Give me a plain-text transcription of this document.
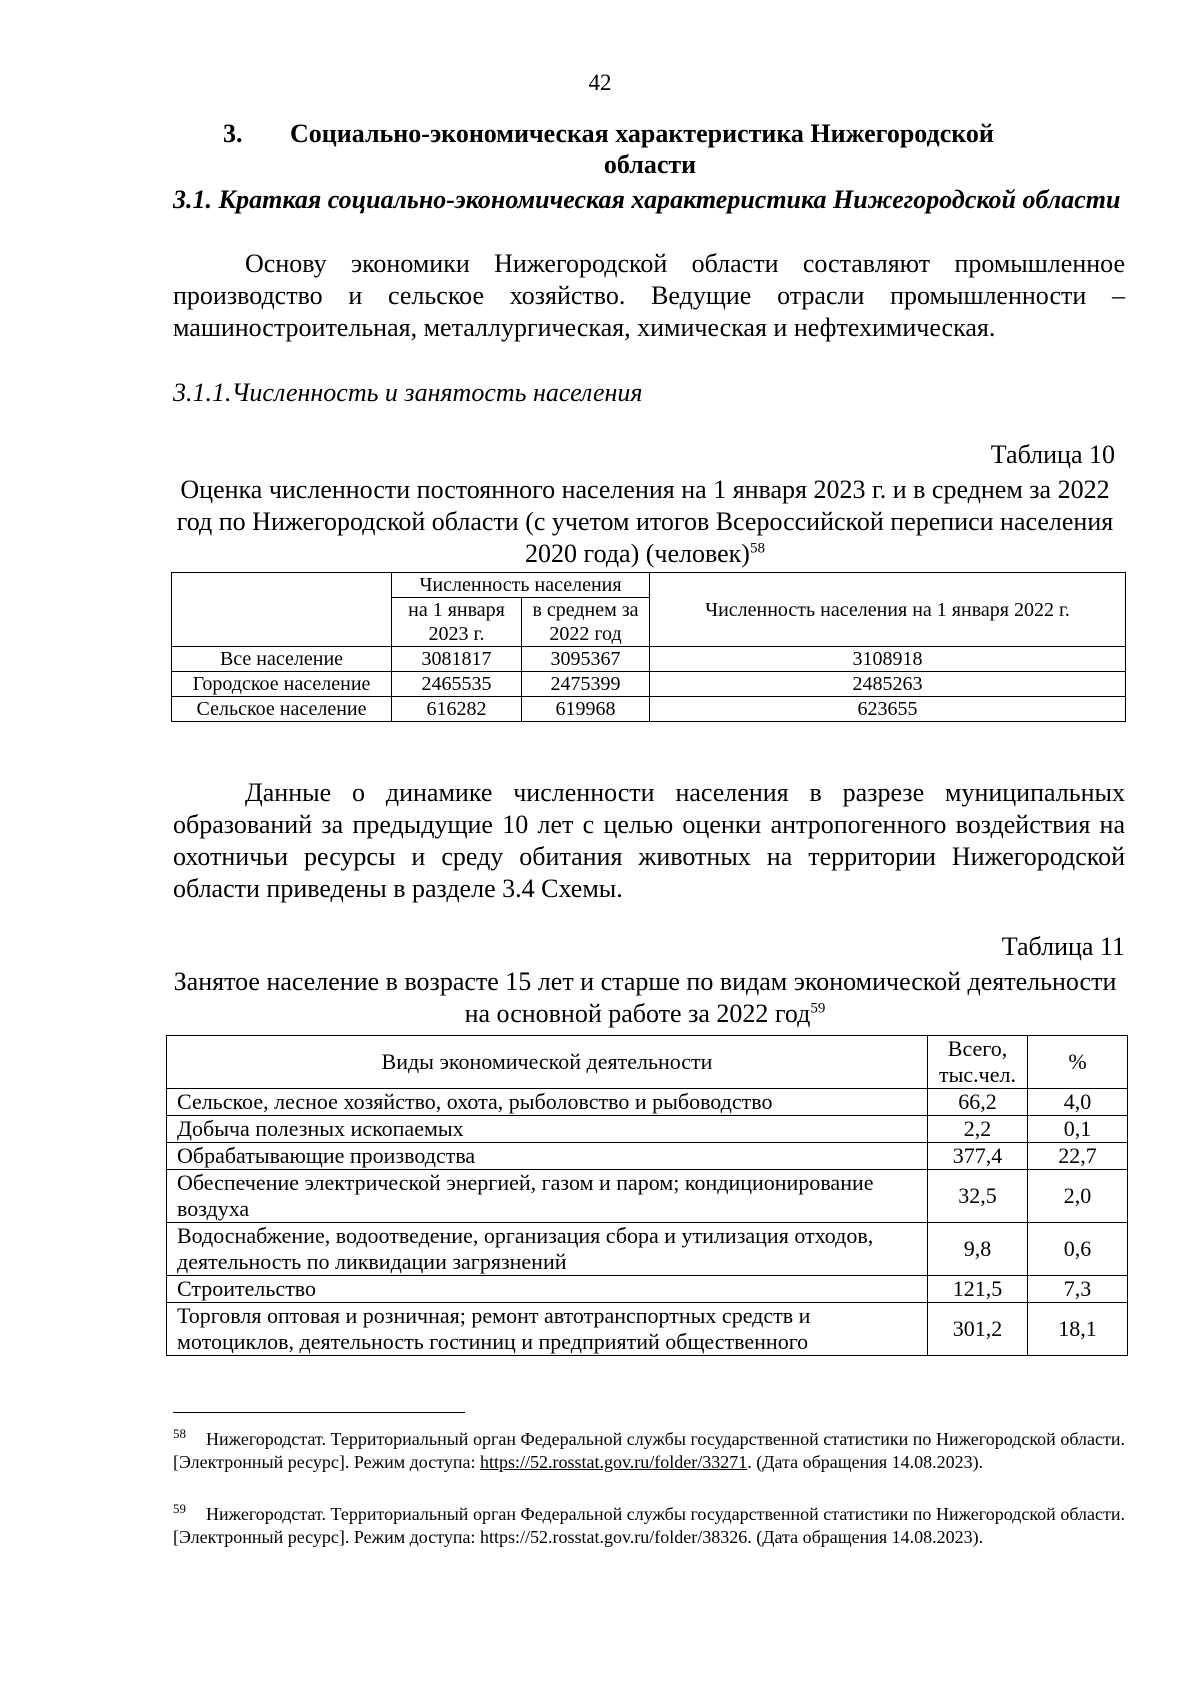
42
3.	Социально-экономическая характеристика Нижегородской
области
3.1. Краткая социально-экономическая характеристика Нижегородской области
Основу экономики Нижегородской области составляют промышленное производство и сельское хозяйство. Ведущие отрасли промышленности – машиностроительная, металлургическая, химическая и нефтехимическая.
3.1.1.Численность и занятость населения
Таблица 10
Оценка численности постоянного населения на 1 января 2023 г. и в среднем за 2022 год по Нижегородской области (с учетом итогов Всероссийской переписи населения 2020 года) (человек)$^{58}$
	Численность населения		Численность населения на 1 января 2022 г.
	на 1 января 2023 г.	в среднем за 2022 год	
Все население	3081817	3095367	3108918
Городское население	2465535	2475399	2485263
Сельское население	616282	619968	623655
Данные о динамике численности населения в разрезе муниципальных образований за предыдущие 10 лет с целью оценки антропогенного воздействия на охотничьи ресурсы и среду обитания животных на территории Нижегородской области приведены в разделе 3.4 Схемы.
Таблица 11
Занятое население в возрасте 15 лет и старше по видам экономической деятельности на основной работе за 2022 год$^{59}$
Виды экономической деятельности	Всего, тыс.чел.	%
Сельское, лесное хозяйство, охота, рыболовство и рыбоводство	66,2	4,0
Добыча полезных ископаемых	2,2	0,1
Обрабатывающие производства	377,4	22,7
Обеспечение электрической энергией, газом и паром; кондиционирование воздуха	32,5	2,0
Водоснабжение, водоотведение, организация сбора и утилизация отходов, деятельность по ликвидации загрязнений	9,8	0,6
Строительство	121,5	7,3
Торговля оптовая и розничная; ремонт автотранспортных средств и мотоциклов, деятельность гостиниц и предприятий общественного	301,2	18,1
$^{58}$ Нижегородстат. Территориальный орган Федеральной службы государственной статистики по Нижегородской области. [Электронный ресурс]. Режим доступа: https://52.rosstat.gov.ru/folder/33271. (Дата обращения 14.08.2023).
$^{59}$ Нижегородстат. Территориальный орган Федеральной службы государственной статистики по Нижегородской области. [Электронный ресурс]. Режим доступа: https://52.rosstat.gov.ru/folder/38326. (Дата обращения 14.08.2023).
